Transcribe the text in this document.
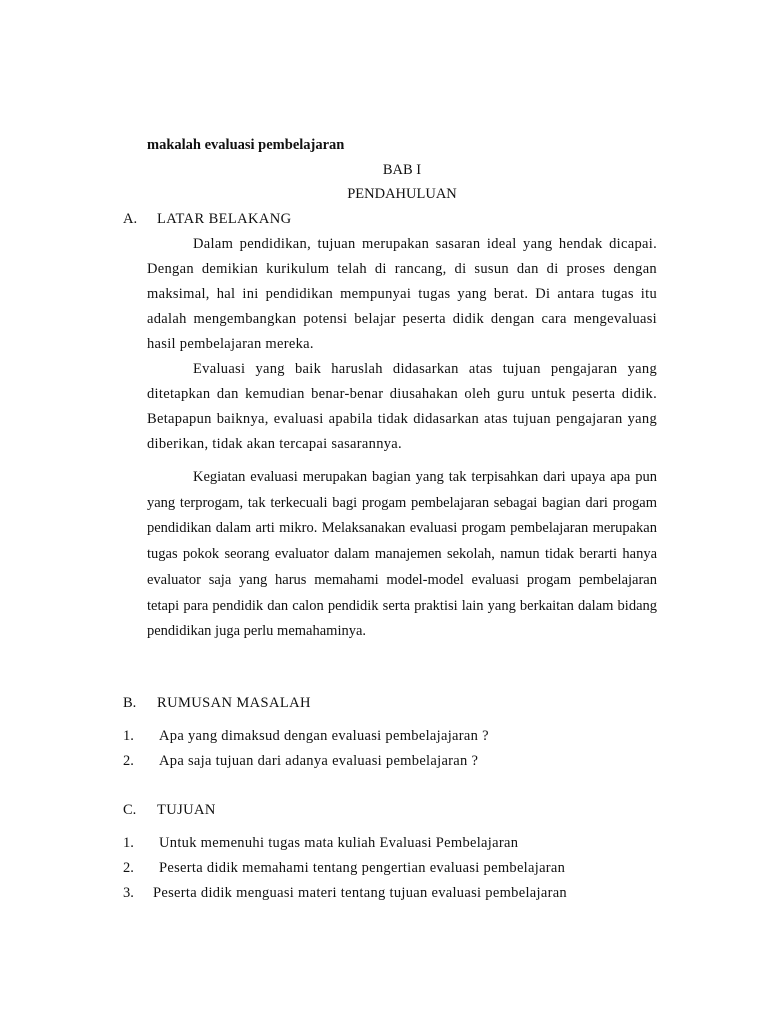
makalah evaluasi pembelajaran
BAB I
PENDAHULUAN
A. LATAR BELAKANG

Dalam pendidikan, tujuan merupakan sasaran ideal yang hendak dicapai. Dengan demikian kurikulum telah di rancang, di susun dan di proses dengan maksimal, hal ini pendidikan mempunyai tugas yang berat. Di antara tugas itu adalah mengembangkan potensi belajar peserta didik dengan cara mengevaluasi hasil pembelajaran mereka.

Evaluasi yang baik haruslah didasarkan atas tujuan pengajaran yang ditetapkan dan kemudian benar-benar diusahakan oleh guru untuk peserta didik. Betapapun baiknya, evaluasi apabila tidak didasarkan atas tujuan pengajaran yang diberikan, tidak akan tercapai sasarannya.

Kegiatan evaluasi merupakan bagian yang tak terpisahkan dari upaya apa pun yang terprogam, tak terkecuali bagi progam pembelajaran sebagai bagian dari progam pendidikan dalam arti mikro. Melaksanakan evaluasi progam pembelajaran merupakan tugas pokok seorang evaluator dalam manajemen sekolah, namun tidak berarti hanya evaluator saja yang harus memahami model-model evaluasi progam pembelajaran tetapi para pendidik dan calon pendidik serta praktisi lain yang berkaitan dalam bidang pendidikan juga perlu memahaminya.

B. RUMUSAN MASALAH
1. Apa yang dimaksud dengan evaluasi pembelajajaran ?
2. Apa saja tujuan dari adanya evaluasi pembelajaran ?
C. TUJUAN
1. Untuk memenuhi tugas mata kuliah Evaluasi Pembelajaran
2. Peserta didik memahami tentang pengertian evaluasi pembelajaran
3. Peserta didik menguasi materi tentang tujuan evaluasi pembelajaran
